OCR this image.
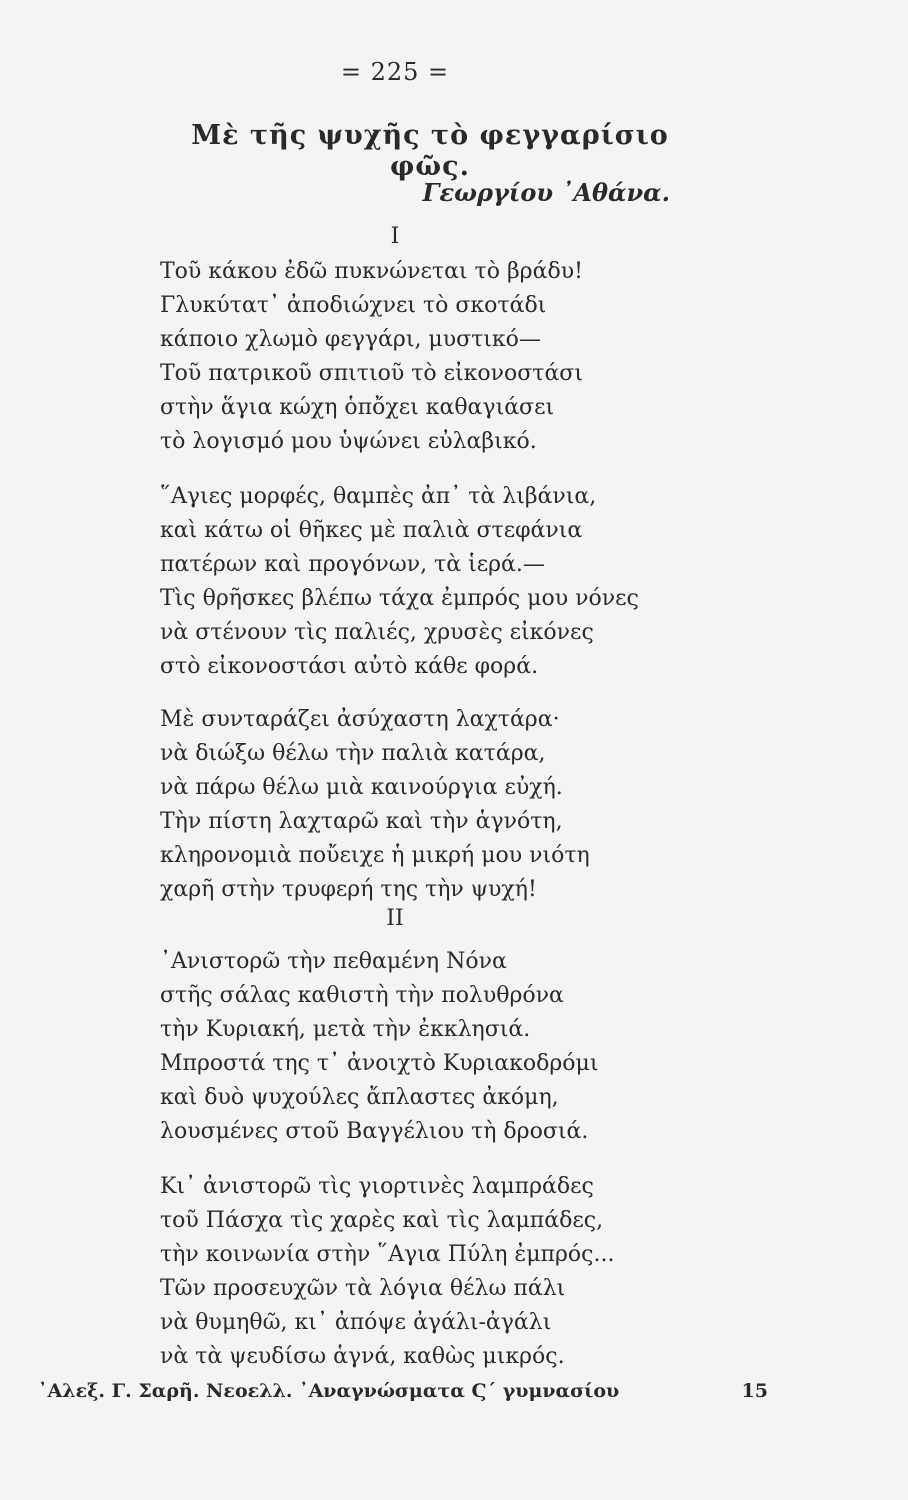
= 225 =
Μὲ τῆς ψυχῆς τὸ φεγγαρίσιο φῶς.
Γεωργίου ᾿Αθάνα.
Ι
Τοῦ κάκου ἐδῶ πυκνώνεται τὸ βράδυ!
Γλυκύτατ᾿ ἀποδιώχνει τὸ σκοτάδι
κάποιο χλωμὸ φεγγάρι, μυστικό—
Τοῦ πατρικοῦ σπιτιοῦ τὸ εἰκονοστάσι
στὴν ἅγια κώχη ὁπὄχει καθαγιάσει
τὸ λογισμό μου ὑψώνει εὐλαβικό.
῞Αγιες μορφές, θαμπὲς ἀπ᾿ τὰ λιβάνια,
καὶ κάτω οἱ θῆκες μὲ παλιὰ στεφάνια
πατέρων καὶ προγόνων, τὰ ἱερά.—
Τὶς θρῆσκες βλέπω τάχα ἐμπρός μου νόνες
νὰ στένουν τὶς παλιές, χρυσὲς εἰκόνες
στὸ εἰκονοστάσι αὐτὸ κάθε φορά.
Μὲ συνταράζει ἀσύχαστη λαχτάρα·
νὰ διώξω θέλω τὴν παλιὰ κατάρα,
νὰ πάρω θέλω μιὰ καινούργια εὐχή.
Τὴν πίστη λαχταρῶ καὶ τὴν ἁγνότη,
κληρονομιὰ ποὔειχε ἡ μικρή μου νιότη
χαρῆ στὴν τρυφερή της τὴν ψυχή!
ΙΙ
᾿Ανιστορῶ τὴν πεθαμένη Νόνα
στῆς σάλας καθιστὴ τὴν πολυθρόνα
τὴν Κυριακή, μετὰ τὴν ἐκκλησιά.
Μπροστά της τ᾿ ἀνοιχτὸ Κυριακοδρόμι
καὶ δυὸ ψυχούλες ἄπλαστες ἀκόμη,
λουσμένες στοῦ Βαγγέλιου τὴ δροσιά.
Κι᾿ ἀνιστορῶ τὶς γιορτινὲς λαμπράδες
τοῦ Πάσχα τὶς χαρὲς καὶ τὶς λαμπάδες,
τὴν κοινωνία στὴν ῞Αγια Πύλη ἐμπρός...
Τῶν προσευχῶν τὰ λόγια θέλω πάλι
νὰ θυμηθῶ, κι᾿ ἀπόψε ἀγάλι-ἀγάλι
νὰ τὰ ψευδίσω ἁγνά, καθὼς μικρός.
᾿Αλεξ. Γ. Σαρῆ. Νεοελλ. ᾿Αναγνώσματα Ϛ΄ γυμνασίου	15
